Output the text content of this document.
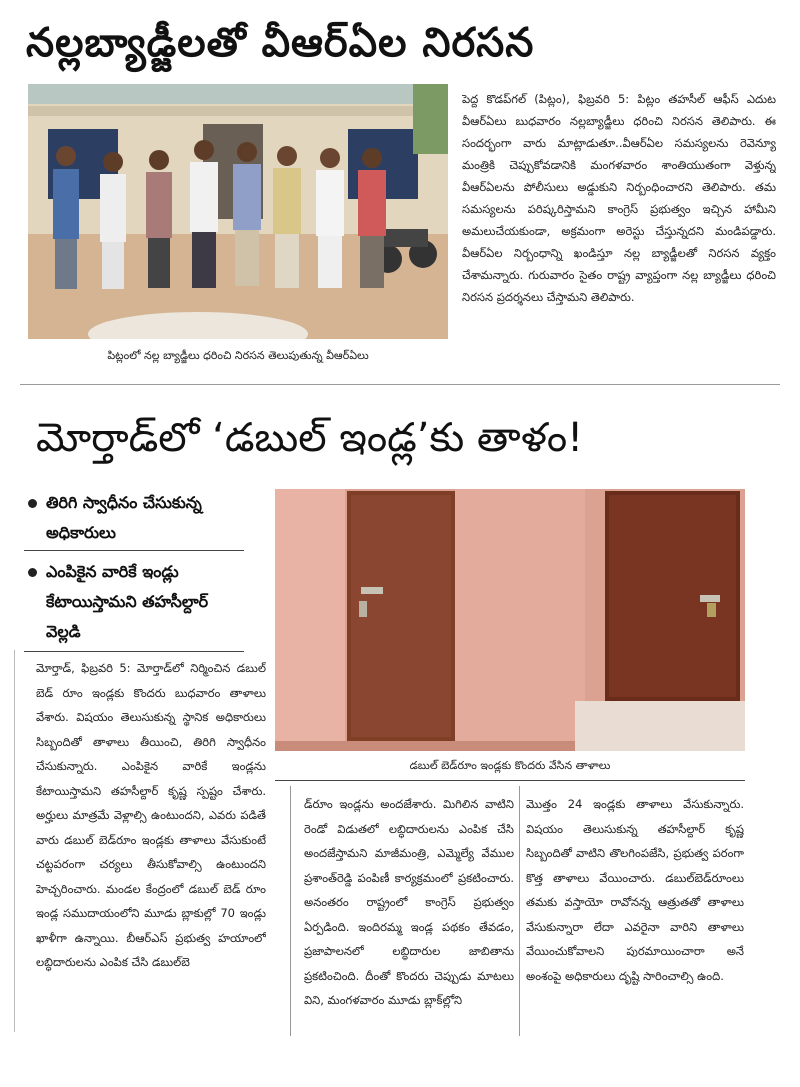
నల్లబ్యాడ్జీలతో వీఆర్ఏల నిరసన
పిట్లంలో నల్ల బ్యాడ్జీలు ధరించి నిరసన తెలుపుతున్న వీఆర్ఏలు
పెద్ద కొడప్‌గల్ (పిట్లం), ఫిబ్రవరి 5: పిట్లం తహసీల్ ఆఫీస్ ఎదుట వీఆర్ఏలు బుధవారం నల్లబ్యాడ్జీలు ధరించి నిరసన తెలిపారు. ఈ సందర్భంగా వారు మాట్లాడుతూ..వీఆర్ఏల సమస్యలను రెవెన్యూ మంత్రికి చెప్పుకోవడానికి మంగళవారం శాంతియుతంగా వెళ్తున్న వీఆర్ఏలను పోలీసులు అడ్డుకుని నిర్బంధించారని తెలిపారు. తమ సమస్యలను పరిష్కరిస్తామని కాంగ్రెస్ ప్రభుత్వం ఇచ్చిన హామీని అమలుచేయకుండా, అక్రమంగా అరెస్టు చేస్తున్నదని మండిపడ్డారు. వీఆర్ఏల నిర్బంధాన్ని ఖండిస్తూ నల్ల బ్యాడ్జీలతో నిరసన వ్యక్తం చేశామన్నారు. గురువారం సైతం రాష్ట్ర వ్యాప్తంగా నల్ల బ్యాడ్జీలు ధరించి నిరసన ప్రదర్శనలు చేస్తామని తెలిపారు.
మోర్తాడ్‌లో ‘డబుల్ ఇండ్ల’కు తాళం!
తిరిగి స్వాధీనం చేసుకున్న అధికారులు
ఎంపికైన వారికే ఇండ్లు కేటాయిస్తామని తహసీల్దార్ వెల్లడి
మోర్తాడ్, ఫిబ్రవరి 5: మోర్తాడ్‌లో నిర్మించిన డబుల్ బెడ్ రూం ఇండ్లకు కొందరు బుధవారం తాళాలు వేశారు. విషయం తెలుసుకున్న స్థానిక అధికారులు సిబ్బందితో తాళాలు తీయించి, తిరిగి స్వాధీనం చేసుకున్నారు. ఎంపికైన వారికే ఇండ్లను కేటాయిస్తామని తహసీల్దార్ కృష్ణ స్పష్టం చేశారు. అర్హులు మాత్రమే వెళ్లాల్సి ఉంటుందని, ఎవరు పడితే వారు డబుల్ బెడ్‌రూం ఇండ్లకు తాళాలు వేసుకుంటే చట్టపరంగా చర్యలు తీసుకోవాల్సి ఉంటుందని హెచ్చరించారు. మండల కేంద్రంలో డబుల్ బెడ్ రూం ఇండ్ల సముదాయంలోని మూడు బ్లాకుల్లో 70 ఇండ్లు ఖాళీగా ఉన్నాయి. బీఆర్ఎస్ ప్రభుత్వ హయాంలో లబ్ధిదారులను ఎంపిక చేసి డబుల్‌బె
డబుల్ బెడ్‌రూం ఇండ్లకు కొందరు వేసిన తాళాలు
డ్‌రూం ఇండ్లను అందజేశారు. మిగిలిన వాటిని రెండో విడుతలో లబ్ధిదారులను ఎంపిక చేసి అందజేస్తామని మాజీమంత్రి, ఎమ్మెల్యే వేముల ప్రశాంత్‌రెడ్డి పంపిణీ కార్యక్రమంలో ప్రకటించారు. అనంతరం రాష్ట్రంలో కాంగ్రెస్ ప్రభుత్వం ఏర్పడింది. ఇందిరమ్మ ఇండ్ల పథకం తేవడం, ప్రజాపాలనలో లబ్ధిదారుల జాబితాను ప్రకటించింది. దీంతో కొందరు చెప్పుడు మాటలు విని, మంగళవారం మూడు బ్లాక్‌ల్లోని
మొత్తం 24 ఇండ్లకు తాళాలు వేసుకున్నారు. విషయం తెలుసుకున్న తహసీల్దార్ కృష్ణ సిబ్బందితో వాటిని తొలగింపజేసి, ప్రభుత్వ పరంగా కొత్త తాళాలు వేయించారు. డబుల్‌బెడ్‌రూంలు తమకు వస్తాయో రావోనన్న ఆత్రుతతో తాళాలు వేసుకున్నారా లేదా ఎవరైనా వారిని తాళాలు వేయించుకోవాలని పురమాయించారా అనే అంశంపై అధికారులు దృష్టి సారించాల్సి ఉంది.
